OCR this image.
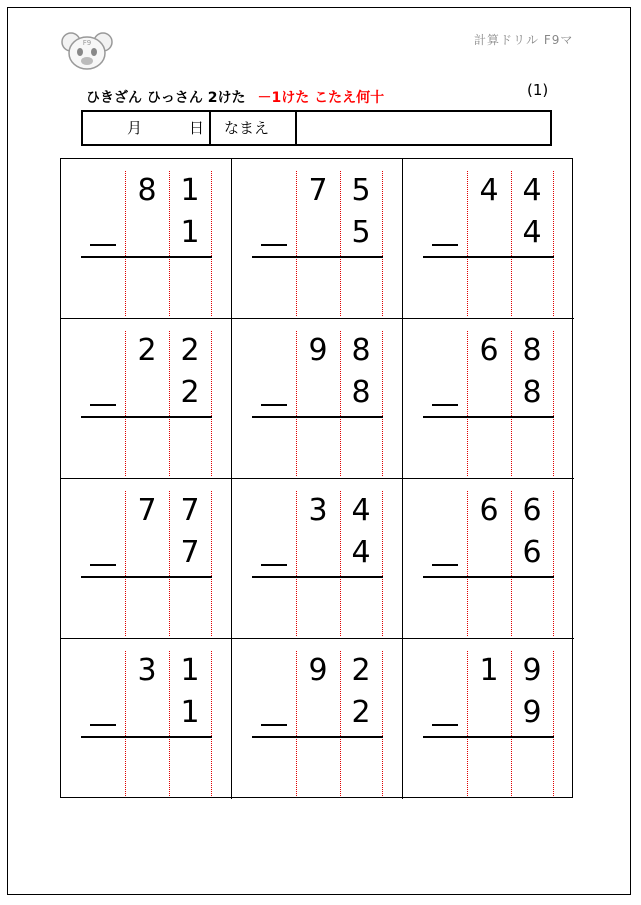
F9	計算ドリル F9マ
ひきざん ひっさん 2けた －1けた こたえ何十	(1)
月	日 なまえ
8 1
1
7 5
5
4 4
4
2 2
2
9 8
8
6 8
8
7 7
7
3 4
4
6 6
6
3 1
1
9 2
2
1 9
9
